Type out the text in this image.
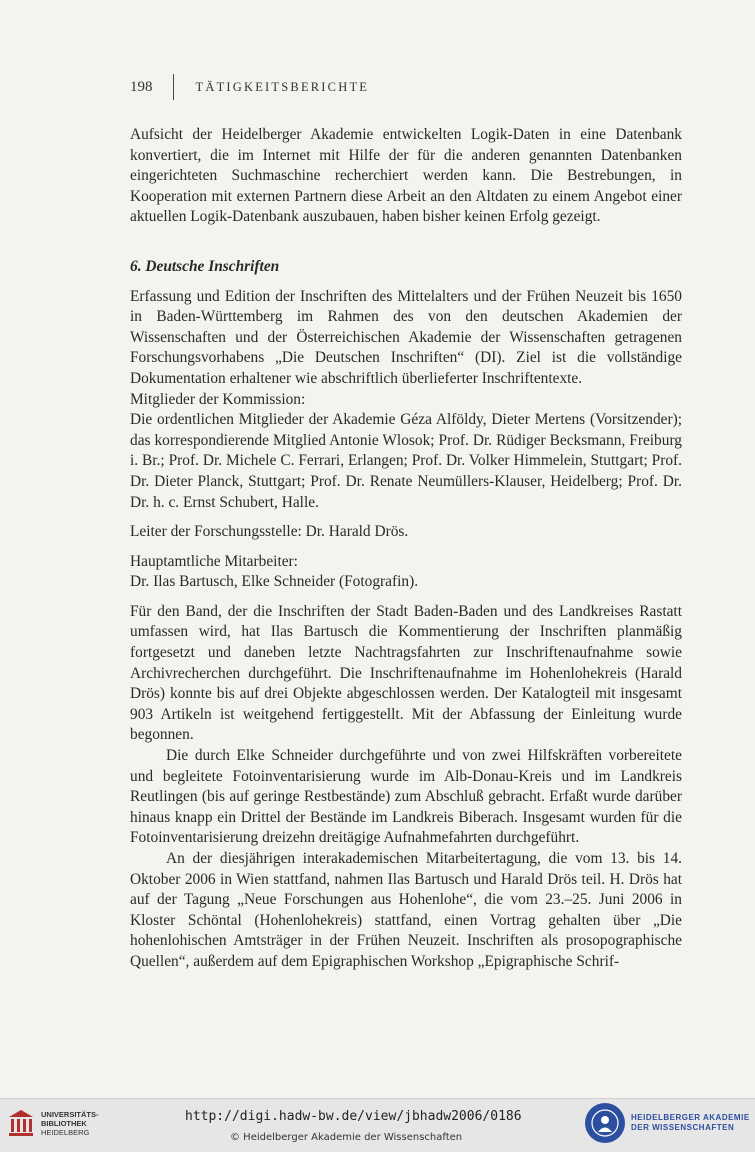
198	TÄTIGKEITSBERICHTE

Aufsicht der Heidelberger Akademie entwickelten Logik-Daten in eine Datenbank konvertiert, die im Internet mit Hilfe der für die anderen genannten Datenbanken eingerichteten Suchmaschine recherchiert werden kann. Die Bestrebungen, in Kooperation mit externen Partnern diese Arbeit an den Altdaten zu einem Angebot einer aktuellen Logik-Datenbank auszubauen, haben bisher keinen Erfolg gezeigt.

6. Deutsche Inschriften

Erfassung und Edition der Inschriften des Mittelalters und der Frühen Neuzeit bis 1650 in Baden-Württemberg im Rahmen des von den deutschen Akademien der Wissenschaften und der Österreichischen Akademie der Wissenschaften getragenen Forschungsvorhabens „Die Deutschen Inschriften“ (DI). Ziel ist die vollständige Dokumentation erhaltener wie abschriftlich überlieferter Inschriftentexte.

Mitglieder der Kommission:

Die ordentlichen Mitglieder der Akademie Géza Alföldy, Dieter Mertens (Vorsitzender); das korrespondierende Mitglied Antonie Wlosok; Prof. Dr. Rüdiger Becksmann, Freiburg i. Br.; Prof. Dr. Michele C. Ferrari, Erlangen; Prof. Dr. Volker Himmelein, Stuttgart; Prof. Dr. Dieter Planck, Stuttgart; Prof. Dr. Renate Neumüllers-Klauser, Heidelberg; Prof. Dr. Dr. h. c. Ernst Schubert, Halle.

Leiter der Forschungsstelle: Dr. Harald Drös.

Hauptamtliche Mitarbeiter:

Dr. Ilas Bartusch, Elke Schneider (Fotografin).

Für den Band, der die Inschriften der Stadt Baden-Baden und des Landkreises Rastatt umfassen wird, hat Ilas Bartusch die Kommentierung der Inschriften planmäßig fortgesetzt und daneben letzte Nachtragsfahrten zur Inschriftenaufnahme sowie Archivrecherchen durchgeführt. Die Inschriftenaufnahme im Hohenlohekreis (Harald Drös) konnte bis auf drei Objekte abgeschlossen werden. Der Katalogteil mit insgesamt 903 Artikeln ist weitgehend fertiggestellt. Mit der Abfassung der Einleitung wurde begonnen.

Die durch Elke Schneider durchgeführte und von zwei Hilfskräften vorbereitete und begleitete Fotoinventarisierung wurde im Alb-Donau-Kreis und im Landkreis Reutlingen (bis auf geringe Restbestände) zum Abschluß gebracht. Erfaßt wurde darüber hinaus knapp ein Drittel der Bestände im Landkreis Biberach. Insgesamt wurden für die Fotoinventarisierung dreizehn dreitägige Aufnahmefahrten durchgeführt.

An der diesjährigen interakademischen Mitarbeitertagung, die vom 13. bis 14. Oktober 2006 in Wien stattfand, nahmen Ilas Bartusch und Harald Drös teil. H. Drös hat auf der Tagung „Neue Forschungen aus Hohenlohe“, die vom 23.–25. Juni 2006 in Kloster Schöntal (Hohenlohekreis) stattfand, einen Vortrag gehalten über „Die hohenlohischen Amtsträger in der Frühen Neuzeit. Inschriften als prosopographische Quellen“, außerdem auf dem Epigraphischen Workshop „Epigraphische Schrif-

UNIVERSITÄTS-
BIBLIOTHEK
HEIDELBERG
http://digi.hadw-bw.de/view/jbhadw2006/0186
© Heidelberger Akademie der Wissenschaften
HEIDELBERGER AKADEMIE
DER WISSENSCHAFTEN
